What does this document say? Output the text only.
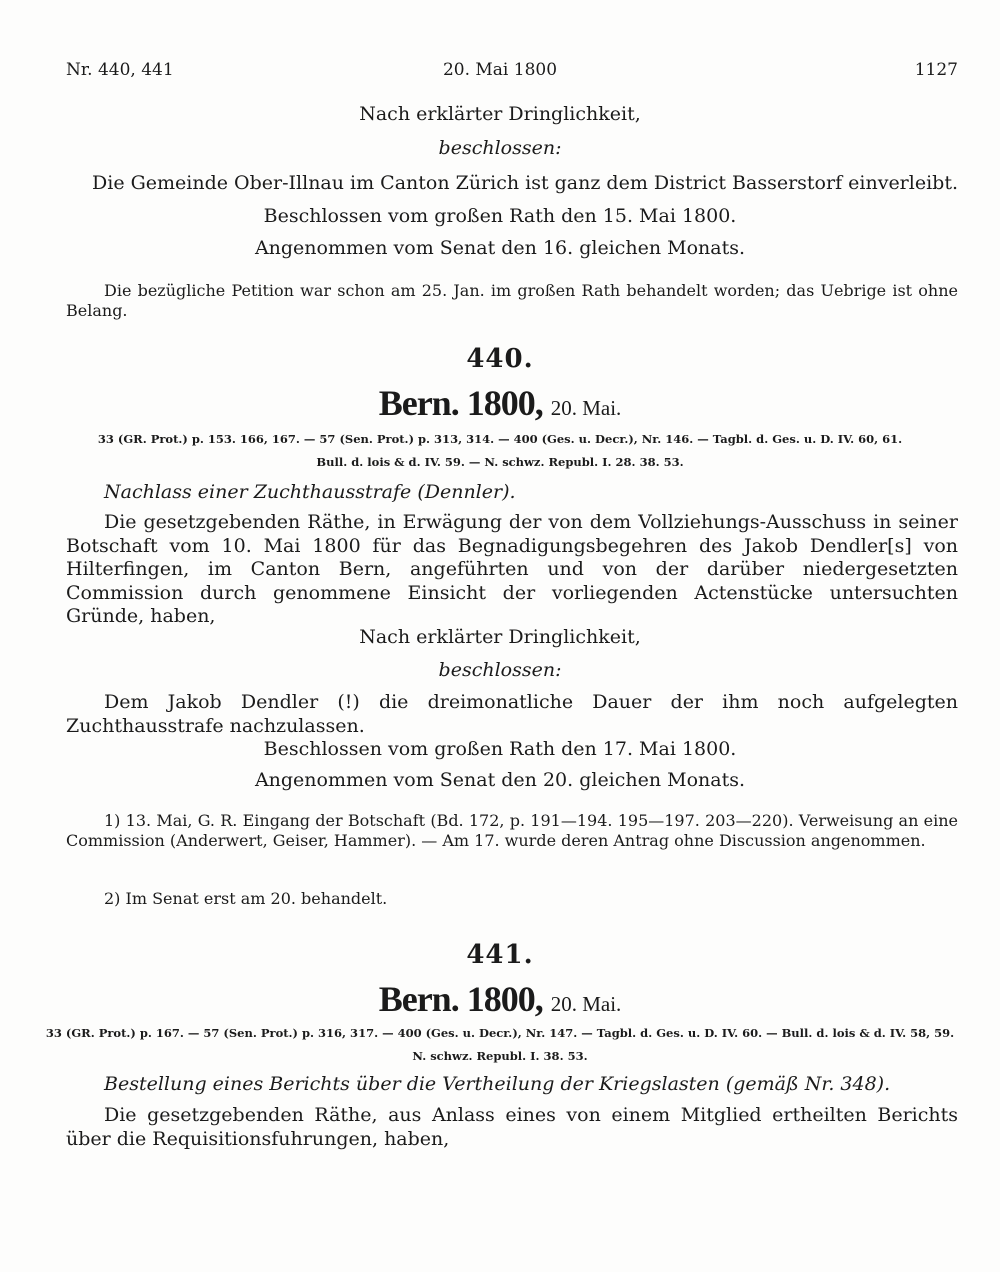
Nr. 440, 441	20. Mai 1800	1127
Nach erklärter Dringlichkeit,
beschlossen:
Die Gemeinde Ober-Illnau im Canton Zürich ist ganz dem District Basserstorf einverleibt.
Beschlossen vom großen Rath den 15. Mai 1800.
Angenommen vom Senat den 16. gleichen Monats.
Die bezügliche Petition war schon am 25. Jan. im großen Rath behandelt worden; das Uebrige ist ohne Belang.
440.
Bern. 1800, 20. Mai.
33 (GR. Prot.) p. 153. 166, 167. — 57 (Sen. Prot.) p. 313, 314. — 400 (Ges. u. Decr.), Nr. 146. — Tagbl. d. Ges. u. D. IV. 60, 61.
Bull. d. lois & d. IV. 59. — N. schwz. Republ. I. 28. 38. 53.
Nachlass einer Zuchthausstrafe (Dennler).
Die gesetzgebenden Räthe, in Erwägung der von dem Vollziehungs-Ausschuss in seiner Botschaft vom 10. Mai 1800 für das Begnadigungsbegehren des Jakob Dendler[s] von Hilterfingen, im Canton Bern, angeführten und von der darüber niedergesetzten Commission durch genommene Einsicht der vorliegenden Actenstücke untersuchten Gründe, haben,
Nach erklärter Dringlichkeit,
beschlossen:
Dem Jakob Dendler (!) die dreimonatliche Dauer der ihm noch aufgelegten Zuchthausstrafe nachzulassen.
Beschlossen vom großen Rath den 17. Mai 1800.
Angenommen vom Senat den 20. gleichen Monats.
1) 13. Mai, G. R. Eingang der Botschaft (Bd. 172, p. 191—194. 195—197. 203—220). Verweisung an eine Commission (Anderwert, Geiser, Hammer). — Am 17. wurde deren Antrag ohne Discussion angenommen.
2) Im Senat erst am 20. behandelt.
441.
Bern. 1800, 20. Mai.
33 (GR. Prot.) p. 167. — 57 (Sen. Prot.) p. 316, 317. — 400 (Ges. u. Decr.), Nr. 147. — Tagbl. d. Ges. u. D. IV. 60. — Bull. d. lois & d. IV. 58, 59.
N. schwz. Republ. I. 38. 53.
Bestellung eines Berichts über die Vertheilung der Kriegslasten (gemäß Nr. 348).
Die gesetzgebenden Räthe, aus Anlass eines von einem Mitglied ertheilten Berichts über die Requisitionsfuhrungen, haben,
